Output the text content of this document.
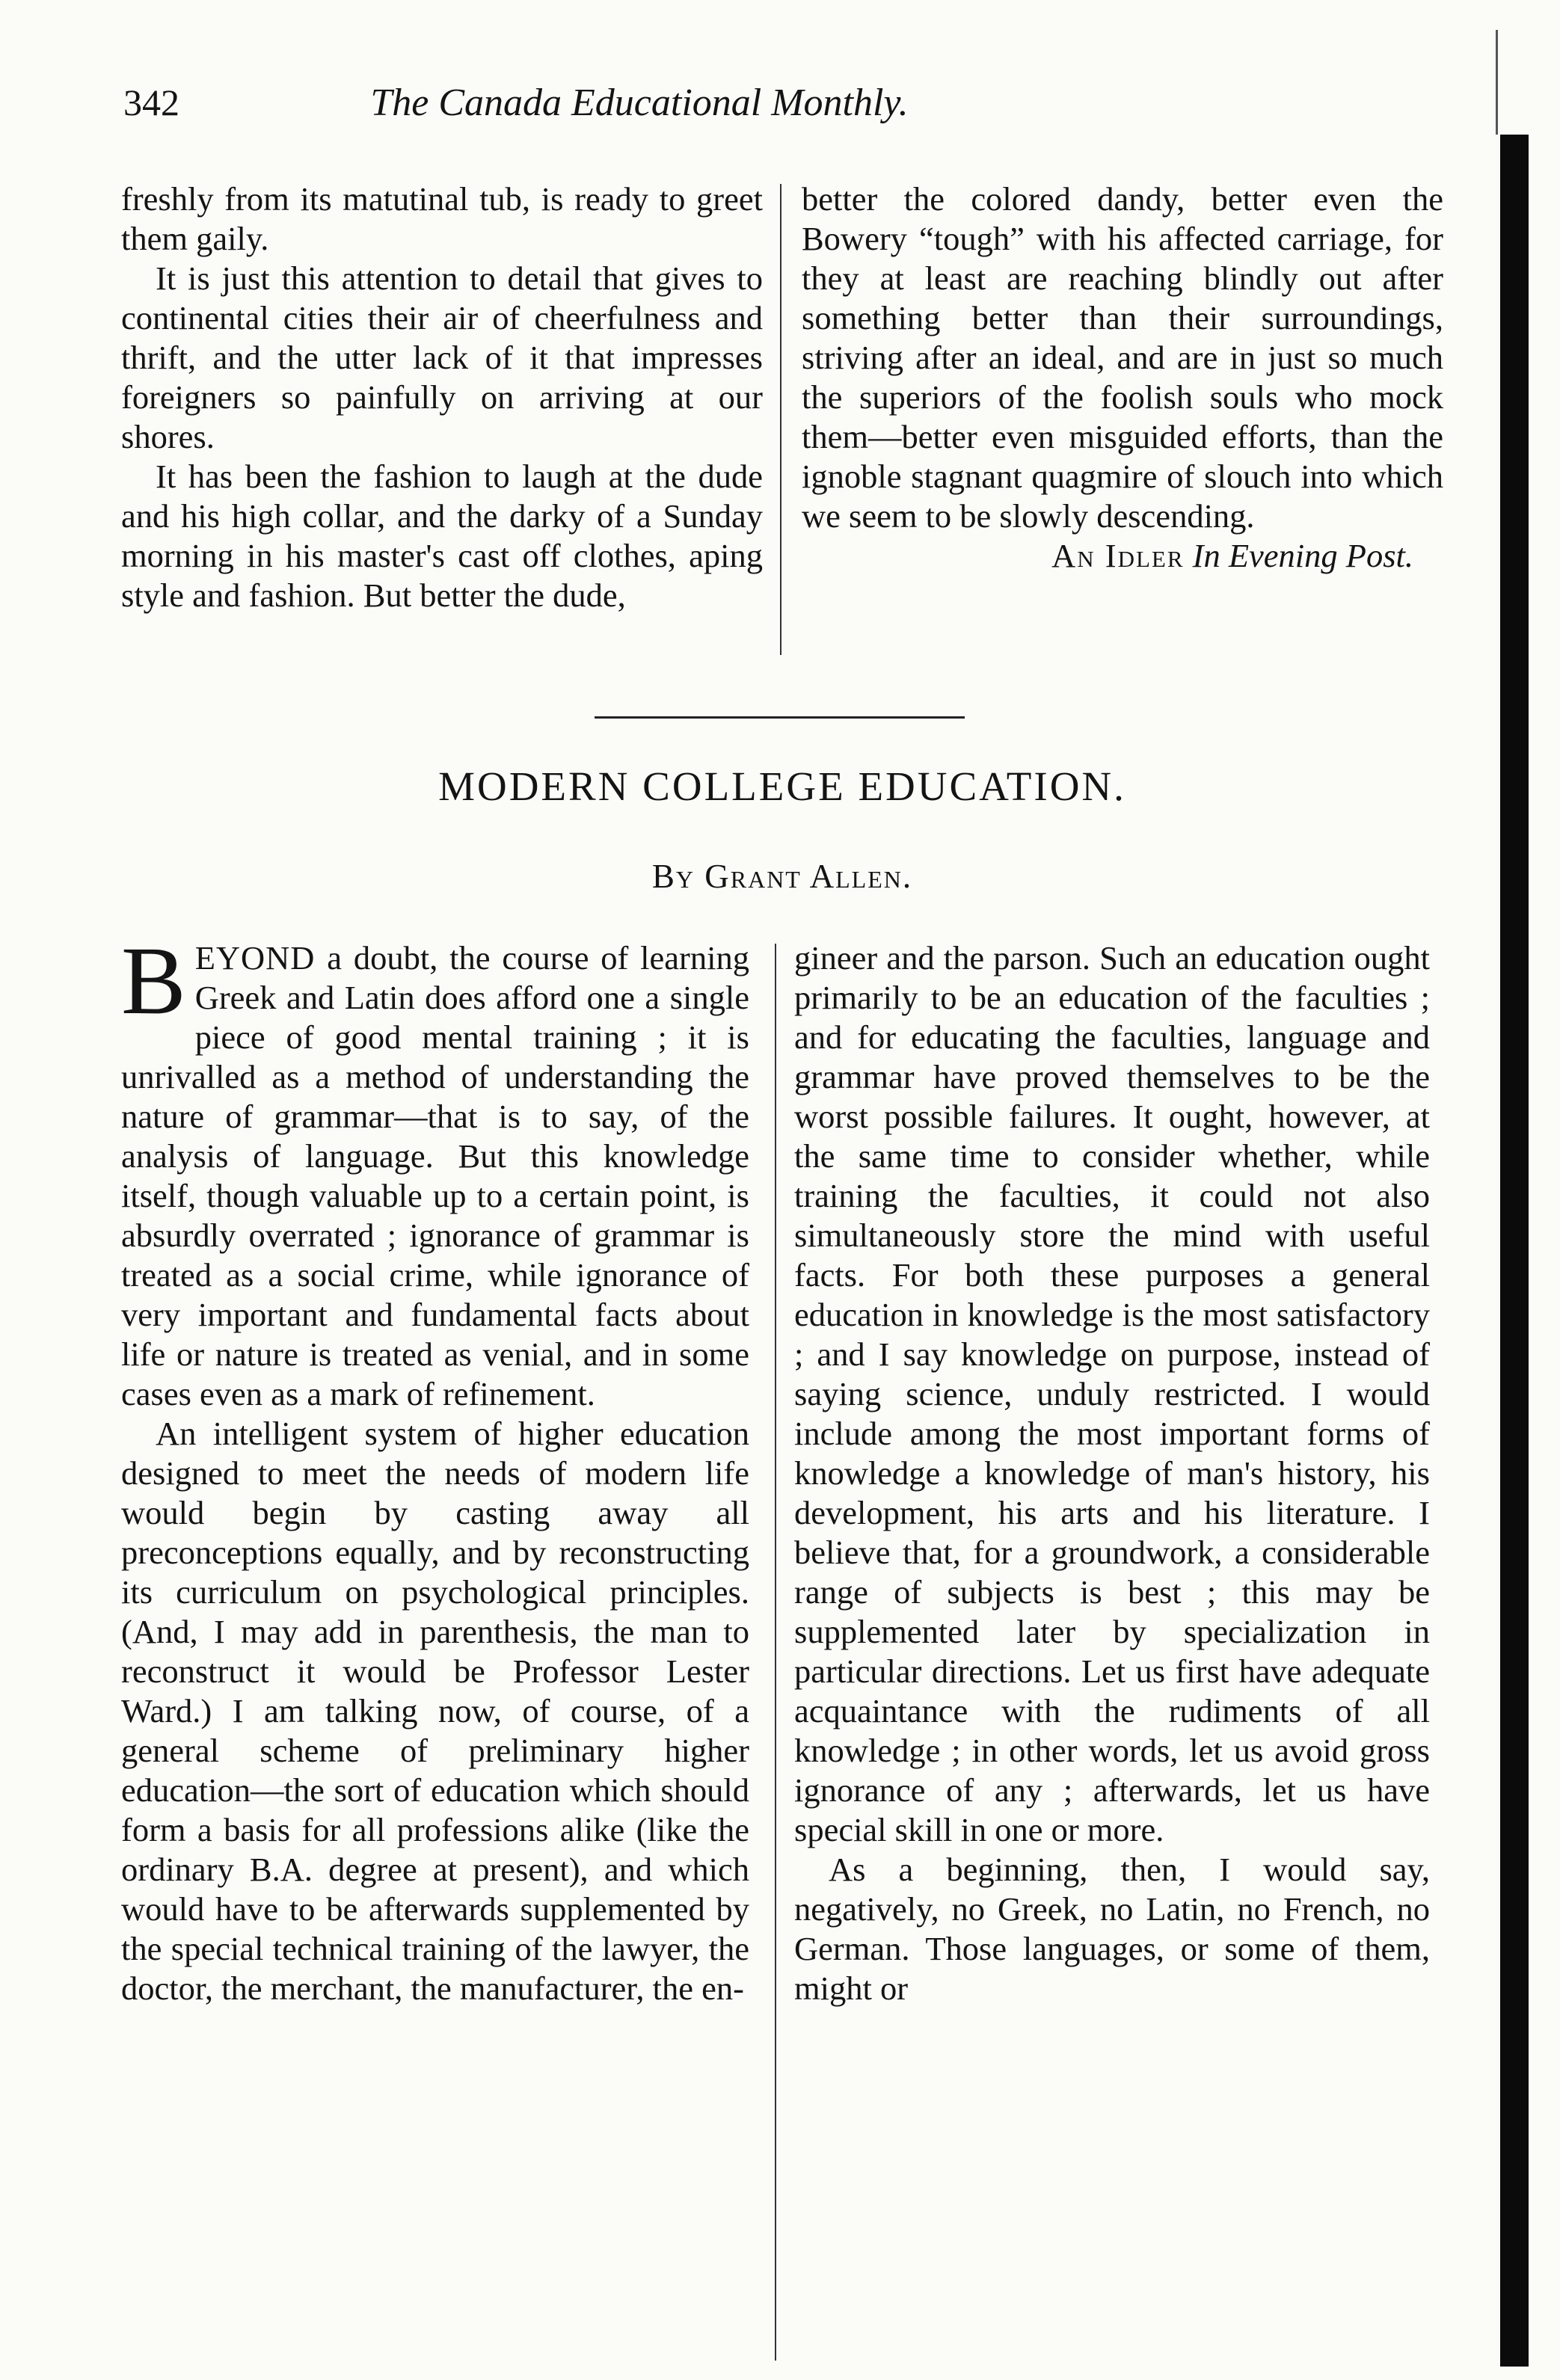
342	The Canada Educational Monthly.

freshly from its matutinal tub, is ready to greet them gaily.

It is just this attention to detail that gives to continental cities their air of cheerfulness and thrift, and the utter lack of it that impresses foreigners so painfully on arriving at our shores.

It has been the fashion to laugh at the dude and his high collar, and the darky of a Sunday morning in his master's cast off clothes, aping style and fashion. But better the dude,

better the colored dandy, better even the Bowery “tough” with his affected carriage, for they at least are reaching blindly out after something better than their surroundings, striving after an ideal, and are in just so much the superiors of the foolish souls who mock them—better even misguided efforts, than the ignoble stagnant quagmire of slouch into which we seem to be slowly descending.

An Idler In Evening Post.

MODERN COLLEGE EDUCATION.
By Grant Allen.

BEYOND a doubt, the course of learning Greek and Latin does afford one a single piece of good mental training ; it is unrivalled as a method of understanding the nature of grammar—that is to say, of the analysis of language. But this knowledge itself, though valuable up to a certain point, is absurdly overrated ; ignorance of grammar is treated as a social crime, while ignorance of very important and fundamental facts about life or nature is treated as venial, and in some cases even as a mark of refinement.

An intelligent system of higher education designed to meet the needs of modern life would begin by casting away all preconceptions equally, and by reconstructing its curriculum on psychological principles. (And, I may add in parenthesis, the man to reconstruct it would be Professor Lester Ward.) I am talking now, of course, of a general scheme of preliminary higher education—the sort of education which should form a basis for all professions alike (like the ordinary B.A. degree at present), and which would have to be afterwards supplemented by the special technical training of the lawyer, the doctor, the merchant, the manufacturer, the en-

gineer and the parson. Such an education ought primarily to be an education of the faculties ; and for educating the faculties, language and grammar have proved themselves to be the worst possible failures. It ought, however, at the same time to consider whether, while training the faculties, it could not also simultaneously store the mind with useful facts. For both these purposes a general education in knowledge is the most satisfactory ; and I say knowledge on purpose, instead of saying science, unduly restricted. I would include among the most important forms of knowledge a knowledge of man's history, his development, his arts and his literature. I believe that, for a groundwork, a considerable range of subjects is best ; this may be supplemented later by specialization in particular directions. Let us first have adequate acquaintance with the rudiments of all knowledge ; in other words, let us avoid gross ignorance of any ; afterwards, let us have special skill in one or more.

As a beginning, then, I would say, negatively, no Greek, no Latin, no French, no German. Those languages, or some of them, might or
